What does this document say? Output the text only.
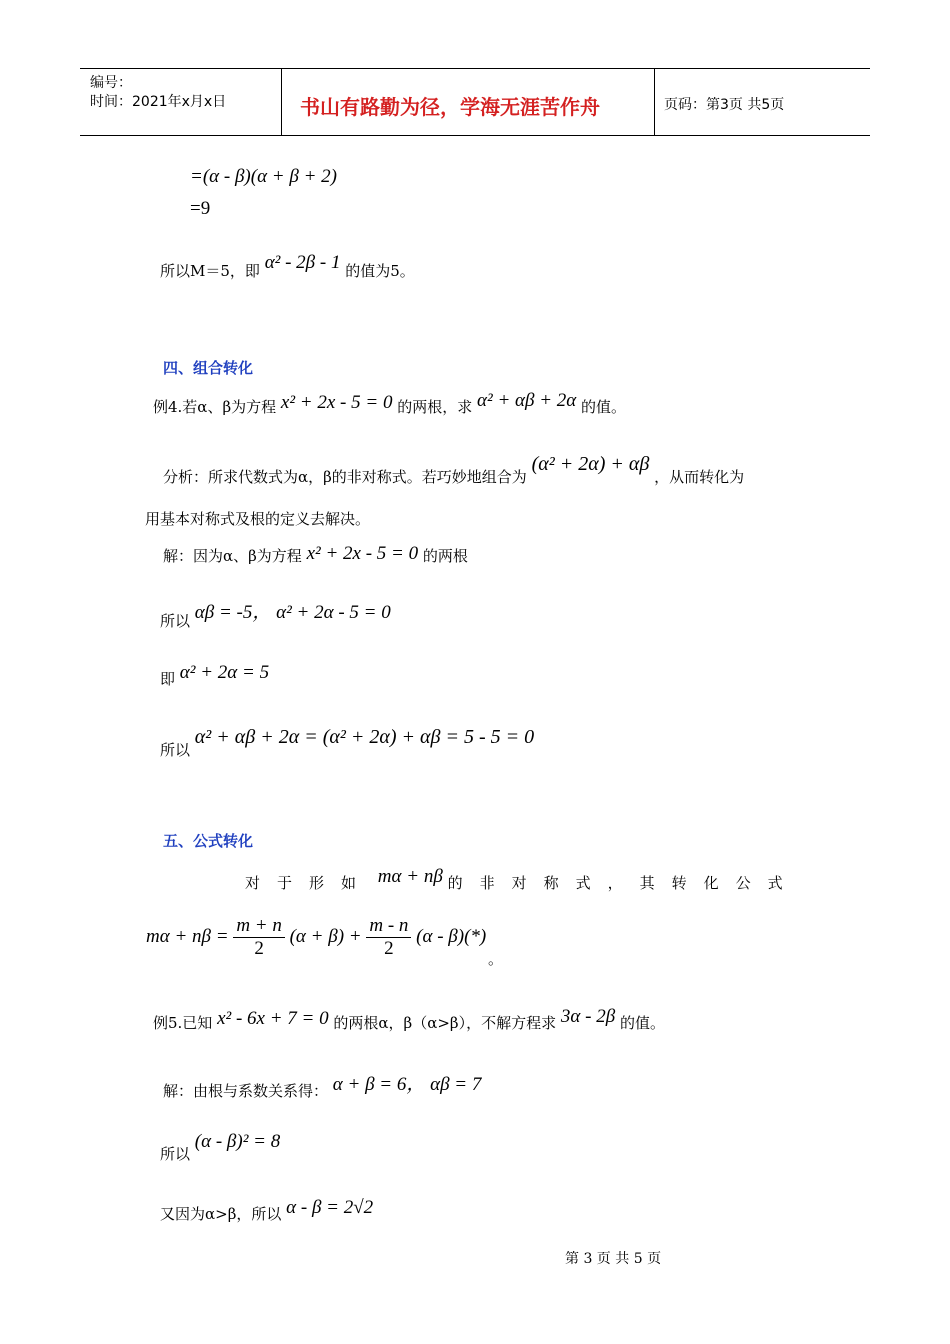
编号：
时间：2021年x月x日	书山有路勤为径，学海无涯苦作舟	页码：第3页 共5页
=(α - β)(α + β + 2)
=9
所以M＝5，即 α² - 2β - 1 的值为5。
四、组合转化
例4.若α、β为方程 x² + 2x - 5 = 0 的两根，求 α² + αβ + 2α 的值。
分析：所求代数式为α，β的非对称式。若巧妙地组合为 (α² + 2α) + αβ ，从而转化为
用基本对称式及根的定义去解决。
解：因为α、β为方程 x² + 2x - 5 = 0 的两根
所以 αβ = -5， α² + 2α - 5 = 0
即 α² + 2α = 5
所以 α² + αβ + 2α = (α² + 2α) + αβ = 5 - 5 = 0
五、公式转化
对于形如 mα + nβ 的非对称式，其转化公式
$m\alpha + n\beta = \frac{m + n}{2} (\alpha + \beta) + \frac{m - n}{2} (\alpha - \beta)(*)$
。
例5.已知 x² - 6x + 7 = 0 的两根α，β（α>β），不解方程求 3α - 2β 的值。
解：由根与系数关系得： α + β = 6， αβ = 7
所以 (α - β)² = 8
又因为α>β，所以 α - β = 2√2
第 3 页 共 5 页
